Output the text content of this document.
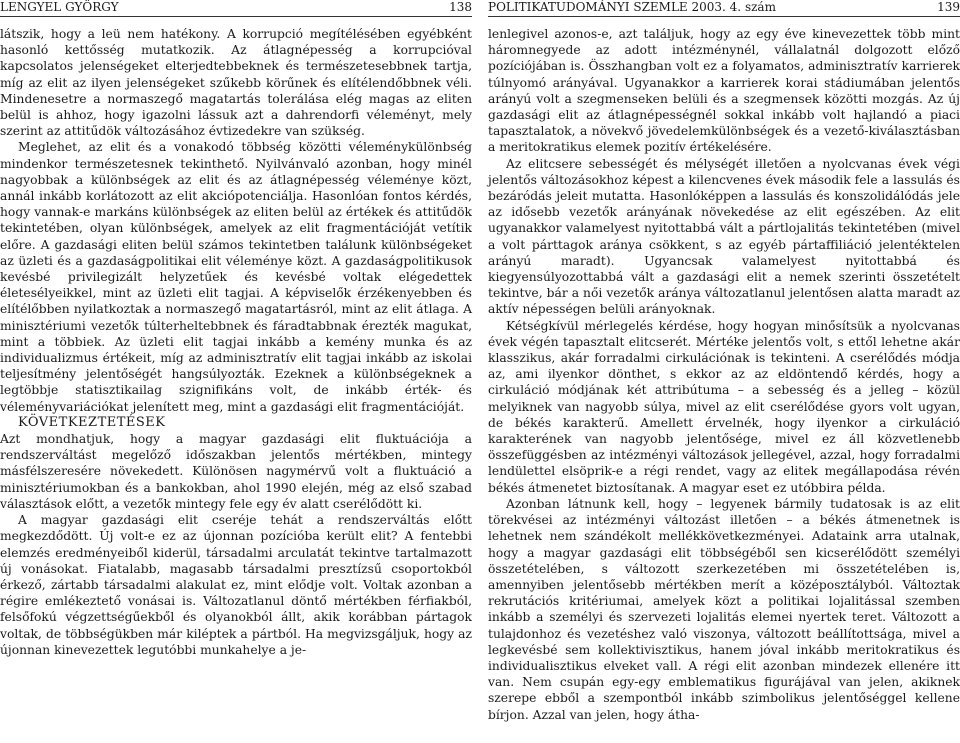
LENGYEL GYÖRGY	138

látszik, hogy a leü nem hatékony. A korrupció megítélésében egyébként hasonló kettősség mutatkozik. Az átlagnépesség a korrupcióval kapcsolatos jelenségeket elterjedtebbeknek és természetesebbnek tartja, míg az elit az ilyen jelenségeket szűkebb körűnek és elítélendőbbnek véli. Mindenesetre a normaszegő magatartás tolerálása elég magas az eliten belül is ahhoz, hogy igazolni lássuk azt a dahrendorfi véleményt, mely szerint az attitűdök változásához évtizedekre van szükség.

Meglehet, az elit és a vonakodó többség közötti véleménykülönbség mindenkor természetesnek tekinthető. Nyilvánvaló azonban, hogy minél nagyobbak a különbségek az elit és az átlagnépesség véleménye közt, annál inkább korlátozott az elit akciópotenciálja. Hasonlóan fontos kérdés, hogy vannak-e markáns különbségek az eliten belül az értékek és attitűdök tekintetében, olyan különbségek, amelyek az elit fragmentációját vetítik előre. A gazdasági eliten belül számos tekintetben találunk különbségeket az üzleti és a gazdaságpolitikai elit véleménye közt. A gazdaságpolitikusok kevésbé privilegizált helyzetűek és kevésbé voltak elégedettek életesélyeikkel, mint az üzleti elit tagjai. A képviselők érzékenyebben és elítélőbben nyilatkoztak a normaszegő magatartásról, mint az elit átlaga. A minisztériumi vezetők túlterheltebbnek és fáradtabbnak érezték magukat, mint a többiek. Az üzleti elit tagjai inkább a kemény munka és az individualizmus értékeit, míg az adminisztratív elit tagjai inkább az iskolai teljesítmény jelentőségét hangsúlyozták. Ezeknek a különbségeknek a legtöbbje statisztikailag szignifikáns volt, de inkább érték- és véleményvariációkat jelenített meg, mint a gazdasági elit fragmentációját.

KÖVETKEZTETÉSEK

Azt mondhatjuk, hogy a magyar gazdasági elit fluktuációja a rendszerváltást megelőző időszakban jelentős mértékben, mintegy másfélszeresére növekedett. Különösen nagymérvű volt a fluktuáció a minisztériumokban és a bankokban, ahol 1990 elején, még az első szabad választások előtt, a vezetők mintegy fele egy év alatt cserélődött ki.

A magyar gazdasági elit cseréje tehát a rendszerváltás előtt megkezdődött. Új volt-e ez az újonnan pozícióba került elit? A fentebbi elemzés eredményeiből kiderül, társadalmi arculatát tekintve tartalmazott új vonásokat. Fiatalabb, magasabb társadalmi presztízsű csoportokból érkező, zártabb társadalmi alakulat ez, mint elődje volt. Voltak azonban a régire emlékeztető vonásai is. Változatlanul döntő mértékben férfiakból, felsőfokú végzettségűekből és olyanokból állt, akik korábban pártagok voltak, de többségükben már kiléptek a pártból. Ha megvizsgáljuk, hogy az újonnan kinevezettek legutóbbi munkahelye a je-

POLITIKATUDOMÁNYI SZEMLE 2003. 4. szám	139

lenlegivel azonos-e, azt találjuk, hogy az egy éve kinevezettek több mint háromnegyede az adott intézménynél, vállalatnál dolgozott előző pozíciójában is. Összhangban volt ez a folyamatos, adminisztratív karrierek túlnyomó arányával. Ugyanakkor a karrierek korai stádiumában jelentős arányú volt a szegmenseken belüli és a szegmensek közötti mozgás. Az új gazdasági elit az átlagnépességnél sokkal inkább volt hajlandó a piaci tapasztalatok, a növekvő jövedelemkülönbségek és a vezető-kiválasztásban a meritokratikus elemek pozitív értékelésére.

Az elitcsere sebességét és mélységét illetően a nyolcvanas évek végi jelentős változásokhoz képest a kilencvenes évek második fele a lassulás és bezáródás jeleit mutatta. Hasonlóképpen a lassulás és konszolidálódás jele az idősebb vezetők arányának növekedése az elit egészében. Az elit ugyanakkor valamelyest nyitottabbá vált a pártlojalitás tekintetében (mivel a volt párttagok aránya csökkent, s az egyéb pártaffiliáció jelentéktelen arányú maradt). Ugyancsak valamelyest nyitottabbá és kiegyensúlyozottabbá vált a gazdasági elit a nemek szerinti összetételt tekintve, bár a női vezetők aránya változatlanul jelentősen alatta maradt az aktív népességen belüli arányoknak.

Kétségkívül mérlegelés kérdése, hogy hogyan minősítsük a nyolcvanas évek végén tapasztalt elitcserét. Mértéke jelentős volt, s ettől lehetne akár klasszikus, akár forradalmi cirkulációnak is tekinteni. A cserélődés módja az, ami ilyenkor dönthet, s ekkor az az eldöntendő kérdés, hogy a cirkuláció módjának két attribútuma – a sebesség és a jelleg – közül melyiknek van nagyobb súlya, mivel az elit cserélődése gyors volt ugyan, de békés karakterű. Amellett érvelnék, hogy ilyenkor a cirkuláció karakterének van nagyobb jelentősége, mivel ez áll közvetlenebb összefüggésben az intézményi változások jellegével, azzal, hogy forradalmi lendülettel elsöprik-e a régi rendet, vagy az elitek megállapodása révén békés átmenetet biztosítanak. A magyar eset ez utóbbira példa.

Azonban látnunk kell, hogy – legyenek bármily tudatosak is az elit törekvései az intézményi változást illetően – a békés átmenetnek is lehetnek nem szándékolt mellékkövetkezményei. Adataink arra utalnak, hogy a magyar gazdasági elit többségéből sen kicserélődött személyi összetételében, s változott szerkezetében mi összetételében is, amennyiben jelentősebb mértékben merít a középosztályból. Változtak rekrutációs kritériumai, amelyek közt a politikai lojalitással szemben inkább a személyi és szervezeti lojalitás elemei nyertek teret. Változott a tulajdonhoz és vezetéshez való viszonya, változott beállítottsága, mivel a legkevésbé sem kollektivisztikus, hanem jóval inkább meritokratikus és individualisztikus elveket vall. A régi elit azonban mindezek ellenére itt van. Nem csupán egy-egy emblematikus figurájával van jelen, akiknek szerepe ebből a szempontból inkább szimbolikus jelentőséggel kellene bírjon. Azzal van jelen, hogy átha-
